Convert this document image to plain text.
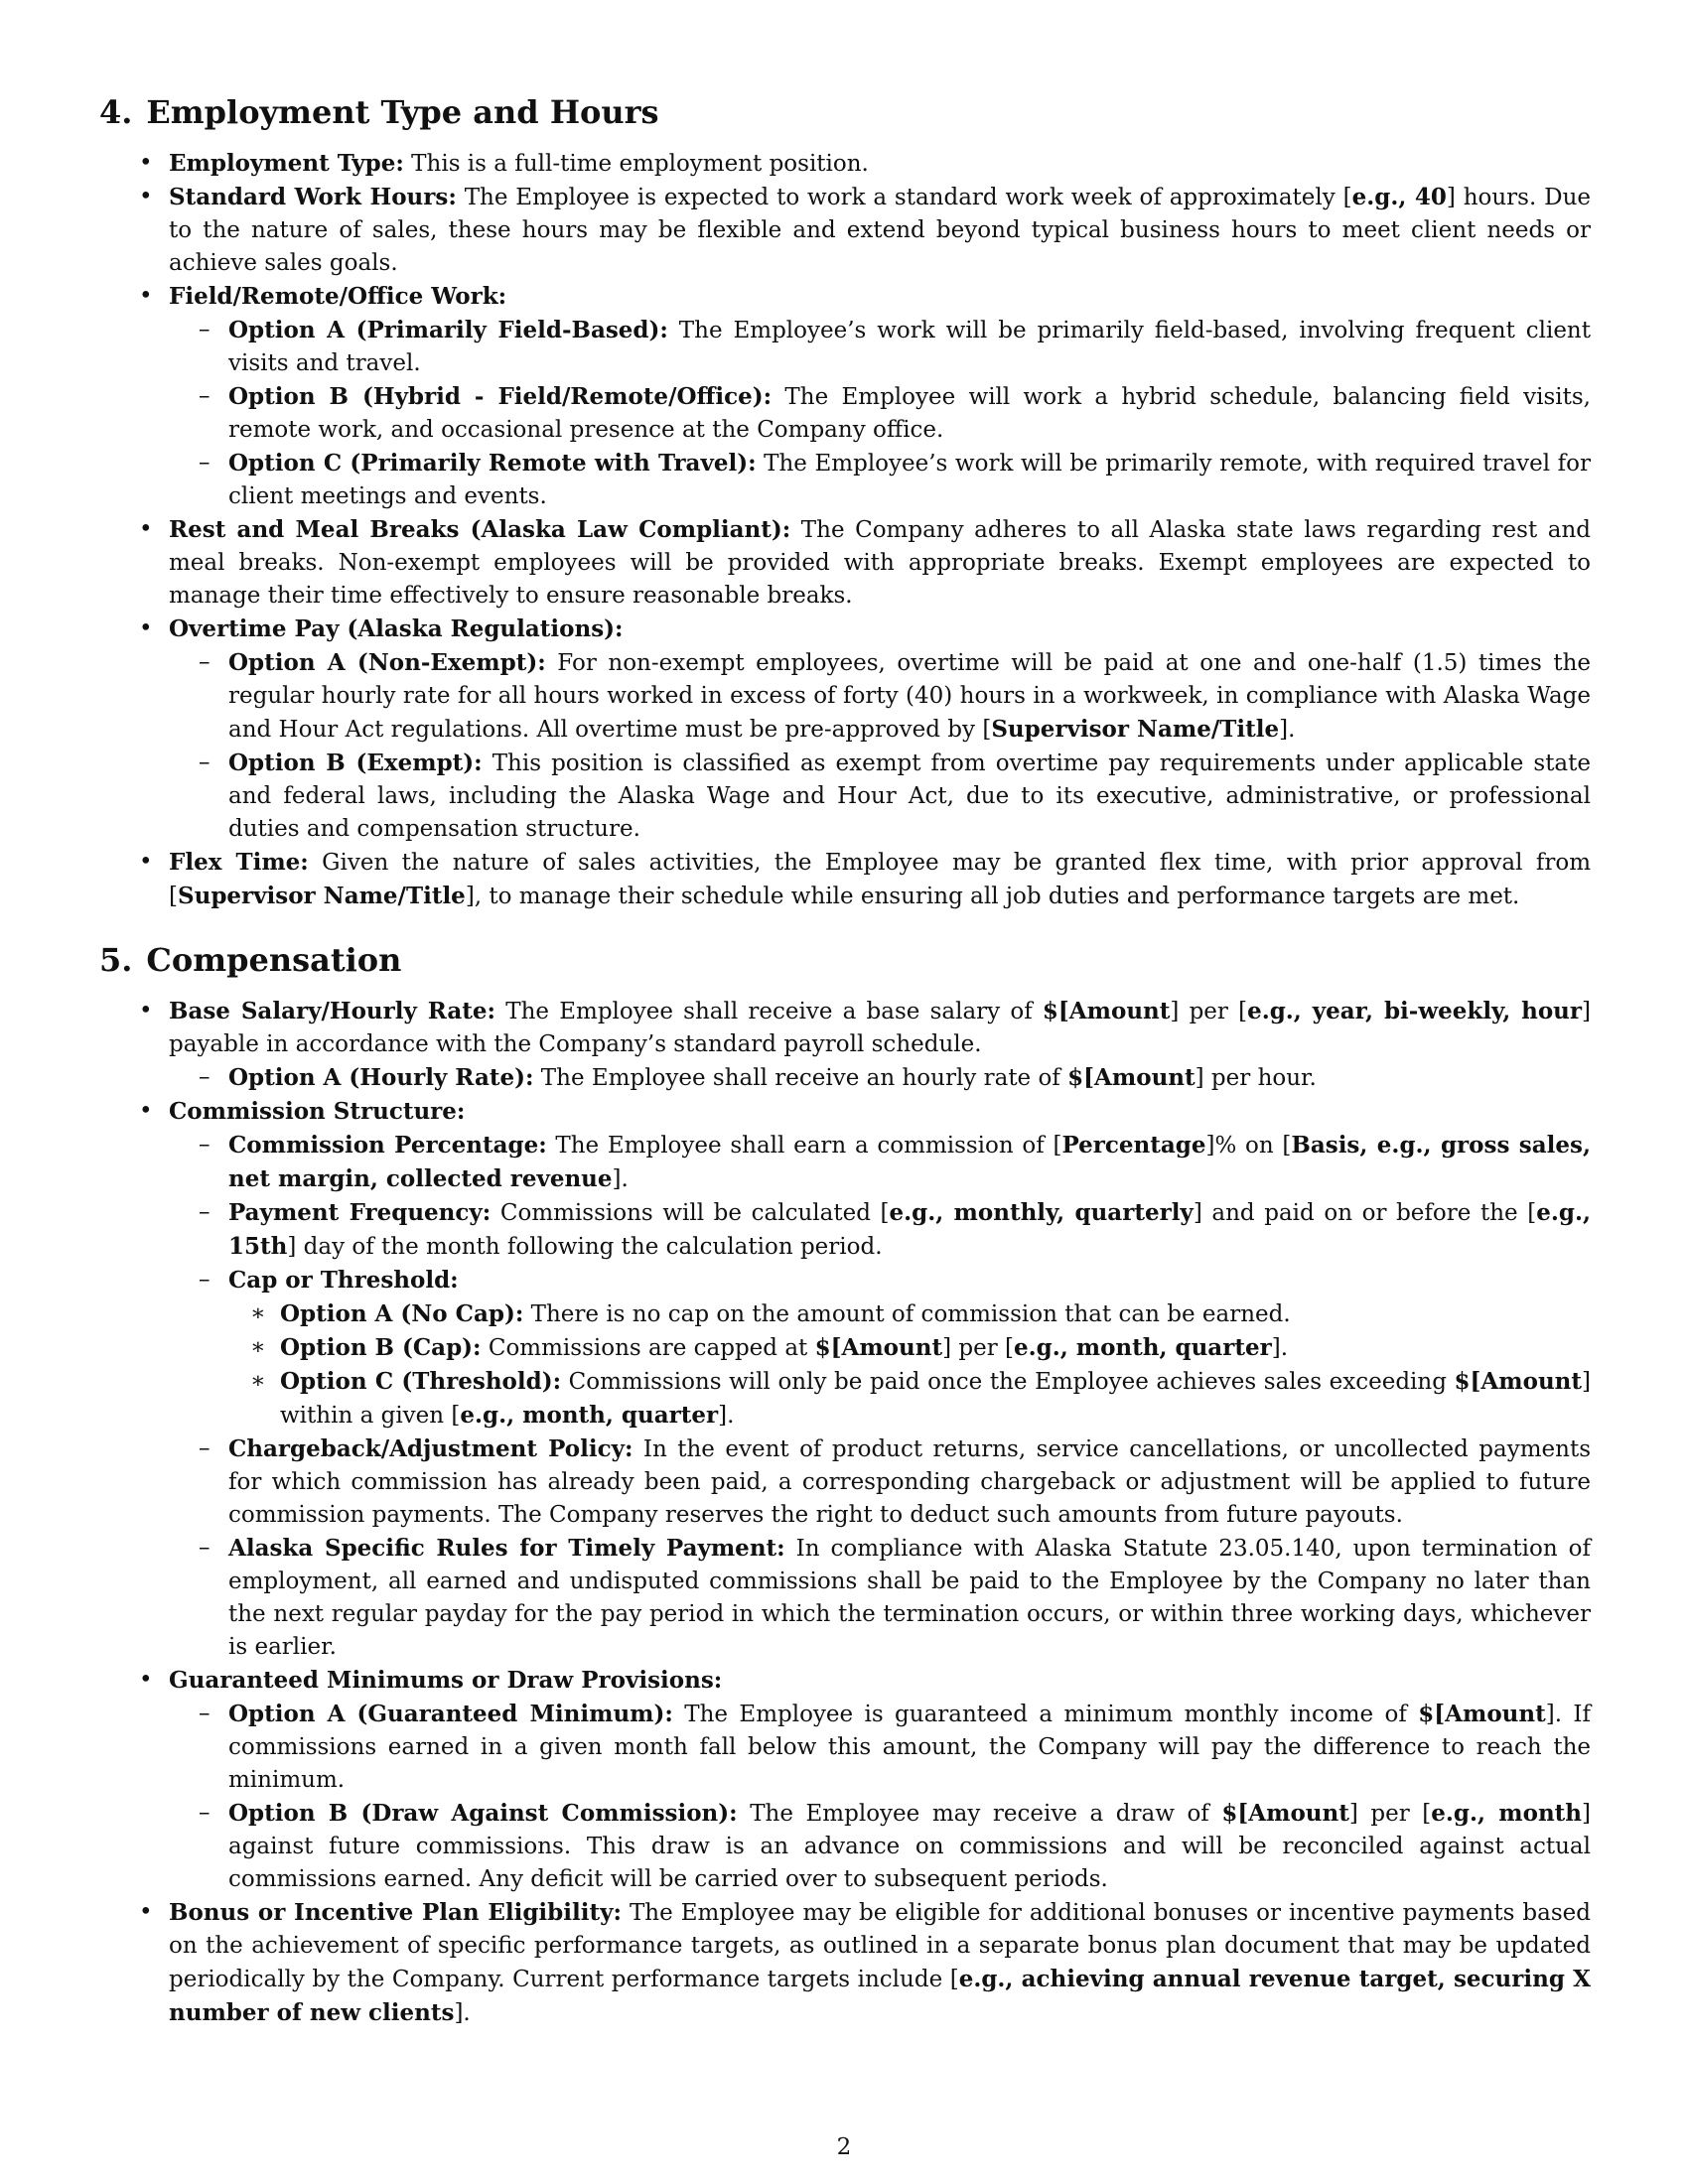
4. Employment Type and Hours
• Employment Type: This is a full-time employment position.
• Standard Work Hours: The Employee is expected to work a standard work week of approximately [e.g., 40] hours. Due to the nature of sales, these hours may be flexible and extend beyond typical business hours to meet client needs or achieve sales goals.
• Field/Remote/Office Work:
– Option A (Primarily Field-Based): The Employee’s work will be primarily field-based, involving frequent client visits and travel.
– Option B (Hybrid - Field/Remote/Office): The Employee will work a hybrid schedule, balancing field visits, remote work, and occasional presence at the Company office.
– Option C (Primarily Remote with Travel): The Employee’s work will be primarily remote, with required travel for client meetings and events.
• Rest and Meal Breaks (Alaska Law Compliant): The Company adheres to all Alaska state laws regarding rest and meal breaks. Non-exempt employees will be provided with appropriate breaks. Exempt employees are expected to manage their time effectively to ensure reasonable breaks.
• Overtime Pay (Alaska Regulations):
– Option A (Non-Exempt): For non-exempt employees, overtime will be paid at one and one-half (1.5) times the regular hourly rate for all hours worked in excess of forty (40) hours in a workweek, in compliance with Alaska Wage and Hour Act regulations. All overtime must be pre-approved by [Supervisor Name/Title].
– Option B (Exempt): This position is classified as exempt from overtime pay requirements under applicable state and federal laws, including the Alaska Wage and Hour Act, due to its executive, administrative, or professional duties and compensation structure.
• Flex Time: Given the nature of sales activities, the Employee may be granted flex time, with prior approval from [Supervisor Name/Title], to manage their schedule while ensuring all job duties and performance targets are met.
5. Compensation
• Base Salary/Hourly Rate: The Employee shall receive a base salary of $[Amount] per [e.g., year, bi-weekly, hour] payable in accordance with the Company’s standard payroll schedule.
– Option A (Hourly Rate): The Employee shall receive an hourly rate of $[Amount] per hour.
• Commission Structure:
– Commission Percentage: The Employee shall earn a commission of [Percentage]% on [Basis, e.g., gross sales, net margin, collected revenue].
– Payment Frequency: Commissions will be calculated [e.g., monthly, quarterly] and paid on or before the [e.g., 15th] day of the month following the calculation period.
– Cap or Threshold:
∗ Option A (No Cap): There is no cap on the amount of commission that can be earned.
∗ Option B (Cap): Commissions are capped at $[Amount] per [e.g., month, quarter].
∗ Option C (Threshold): Commissions will only be paid once the Employee achieves sales exceeding $[Amount] within a given [e.g., month, quarter].
– Chargeback/Adjustment Policy: In the event of product returns, service cancellations, or uncollected payments for which commission has already been paid, a corresponding chargeback or adjustment will be applied to future commission payments. The Company reserves the right to deduct such amounts from future payouts.
– Alaska Specific Rules for Timely Payment: In compliance with Alaska Statute 23.05.140, upon termination of employment, all earned and undisputed commissions shall be paid to the Employee by the Company no later than the next regular payday for the pay period in which the termination occurs, or within three working days, whichever is earlier.
• Guaranteed Minimums or Draw Provisions:
– Option A (Guaranteed Minimum): The Employee is guaranteed a minimum monthly income of $[Amount]. If commissions earned in a given month fall below this amount, the Company will pay the difference to reach the minimum.
– Option B (Draw Against Commission): The Employee may receive a draw of $[Amount] per [e.g., month] against future commissions. This draw is an advance on commissions and will be reconciled against actual commissions earned. Any deficit will be carried over to subsequent periods.
• Bonus or Incentive Plan Eligibility: The Employee may be eligible for additional bonuses or incentive payments based on the achievement of specific performance targets, as outlined in a separate bonus plan document that may be updated periodically by the Company. Current performance targets include [e.g., achieving annual revenue target, securing X number of new clients].
2
